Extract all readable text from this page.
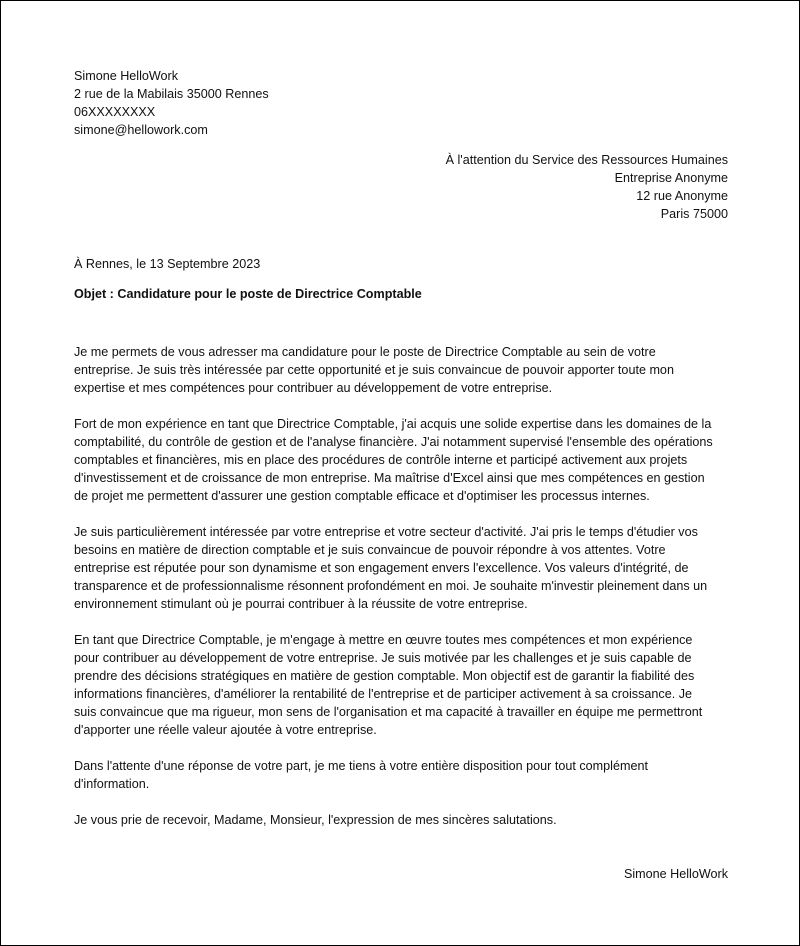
Simone HelloWork
2 rue de la Mabilais 35000 Rennes
06XXXXXXXX
simone@hellowork.com
À l'attention du Service des Ressources Humaines
Entreprise Anonyme
12 rue Anonyme
Paris 75000
À Rennes, le 13 Septembre 2023
Objet : Candidature pour le poste de Directrice Comptable
Je me permets de vous adresser ma candidature pour le poste de Directrice Comptable au sein de votre
entreprise. Je suis très intéressée par cette opportunité et je suis convaincue de pouvoir apporter toute mon
expertise et mes compétences pour contribuer au développement de votre entreprise.
Fort de mon expérience en tant que Directrice Comptable, j'ai acquis une solide expertise dans les domaines de la
comptabilité, du contrôle de gestion et de l'analyse financière. J'ai notamment supervisé l'ensemble des opérations
comptables et financières, mis en place des procédures de contrôle interne et participé activement aux projets
d'investissement et de croissance de mon entreprise. Ma maîtrise d'Excel ainsi que mes compétences en gestion
de projet me permettent d'assurer une gestion comptable efficace et d'optimiser les processus internes.
Je suis particulièrement intéressée par votre entreprise et votre secteur d'activité. J'ai pris le temps d'étudier vos
besoins en matière de direction comptable et je suis convaincue de pouvoir répondre à vos attentes. Votre
entreprise est réputée pour son dynamisme et son engagement envers l'excellence. Vos valeurs d'intégrité, de
transparence et de professionnalisme résonnent profondément en moi. Je souhaite m'investir pleinement dans un
environnement stimulant où je pourrai contribuer à la réussite de votre entreprise.
En tant que Directrice Comptable, je m'engage à mettre en œuvre toutes mes compétences et mon expérience
pour contribuer au développement de votre entreprise. Je suis motivée par les challenges et je suis capable de
prendre des décisions stratégiques en matière de gestion comptable. Mon objectif est de garantir la fiabilité des
informations financières, d'améliorer la rentabilité de l'entreprise et de participer activement à sa croissance. Je
suis convaincue que ma rigueur, mon sens de l'organisation et ma capacité à travailler en équipe me permettront
d'apporter une réelle valeur ajoutée à votre entreprise.
Dans l'attente d'une réponse de votre part, je me tiens à votre entière disposition pour tout complément
d'information.
Je vous prie de recevoir, Madame, Monsieur, l'expression de mes sincères salutations.
Simone HelloWork
